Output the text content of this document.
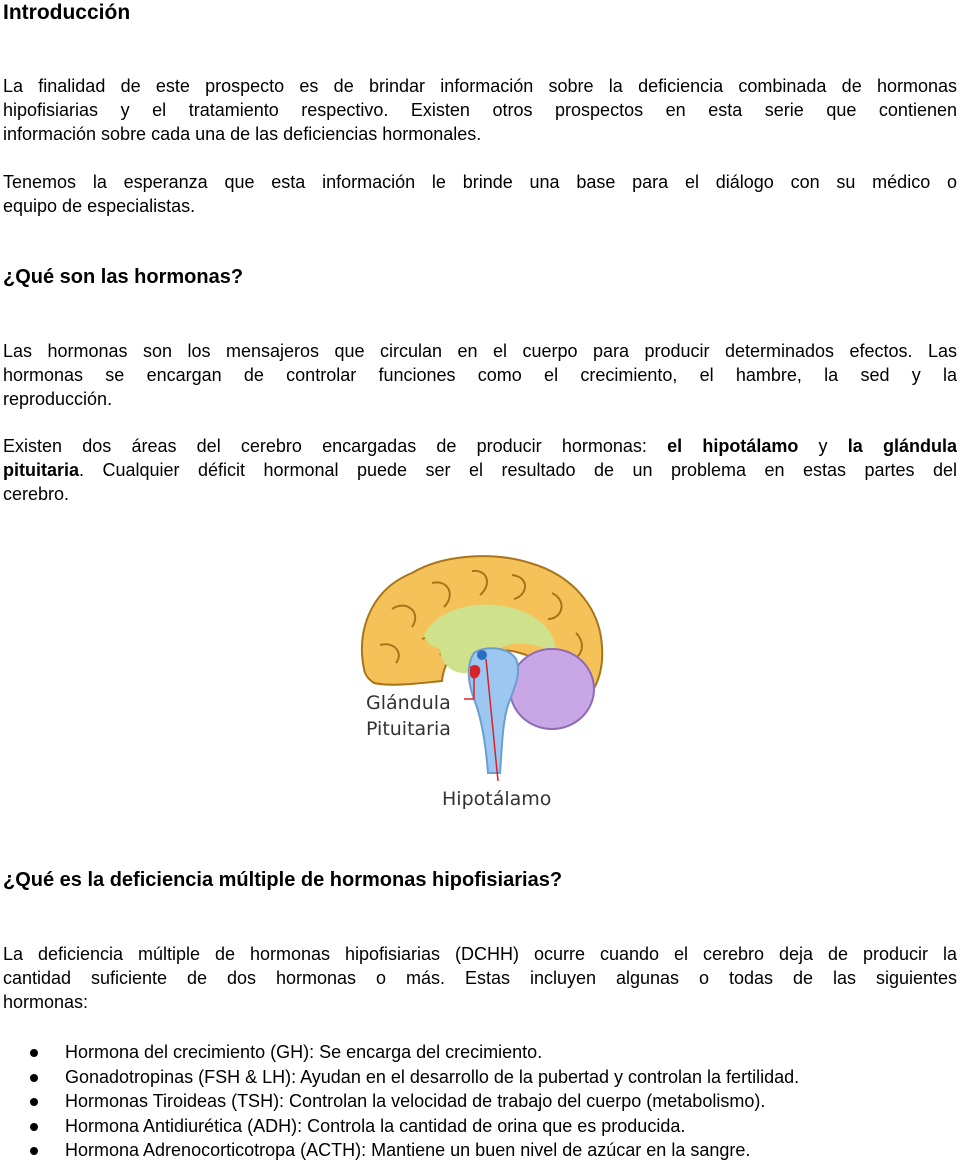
Introducción

La finalidad de este prospecto es de brindar información sobre la deficiencia combinada de hormonas

hipofisiarias y el tratamiento respectivo. Existen otros prospectos en esta serie que contienen

información sobre cada una de las deficiencias hormonales.

Tenemos la esperanza que esta información le brinde una base para el diálogo con su médico o

equipo de especialistas.

¿Qué son las hormonas?

Las hormonas son los mensajeros que circulan en el cuerpo para producir determinados efectos. Las

hormonas se encargan de controlar funciones como el crecimiento, el hambre, la sed y la

reproducción.

Existen dos áreas del cerebro encargadas de producir hormonas: el hipotálamo y la glándula

pituitaria. Cualquier déficit hormonal puede ser el resultado de un problema en estas partes del

cerebro.

Glándula
Pituitaria
Hipotálamo
¿Qué es la deficiencia múltiple de hormonas hipofisiarias?

La deficiencia múltiple de hormonas hipofisiarias (DCHH) ocurre cuando el cerebro deja de producir la

cantidad suficiente de dos hormonas o más. Estas incluyen algunas o todas de las siguientes

hormonas:

Hormona del crecimiento (GH): Se encarga del crecimiento.
Gonadotropinas (FSH & LH): Ayudan en el desarrollo de la pubertad y controlan la fertilidad.
Hormonas Tiroideas (TSH): Controlan la velocidad de trabajo del cuerpo (metabolismo).
Hormona Antidiurética (ADH): Controla la cantidad de orina que es producida.
Hormona Adrenocorticotropa (ACTH): Mantiene un buen nivel de azúcar en la sangre.
